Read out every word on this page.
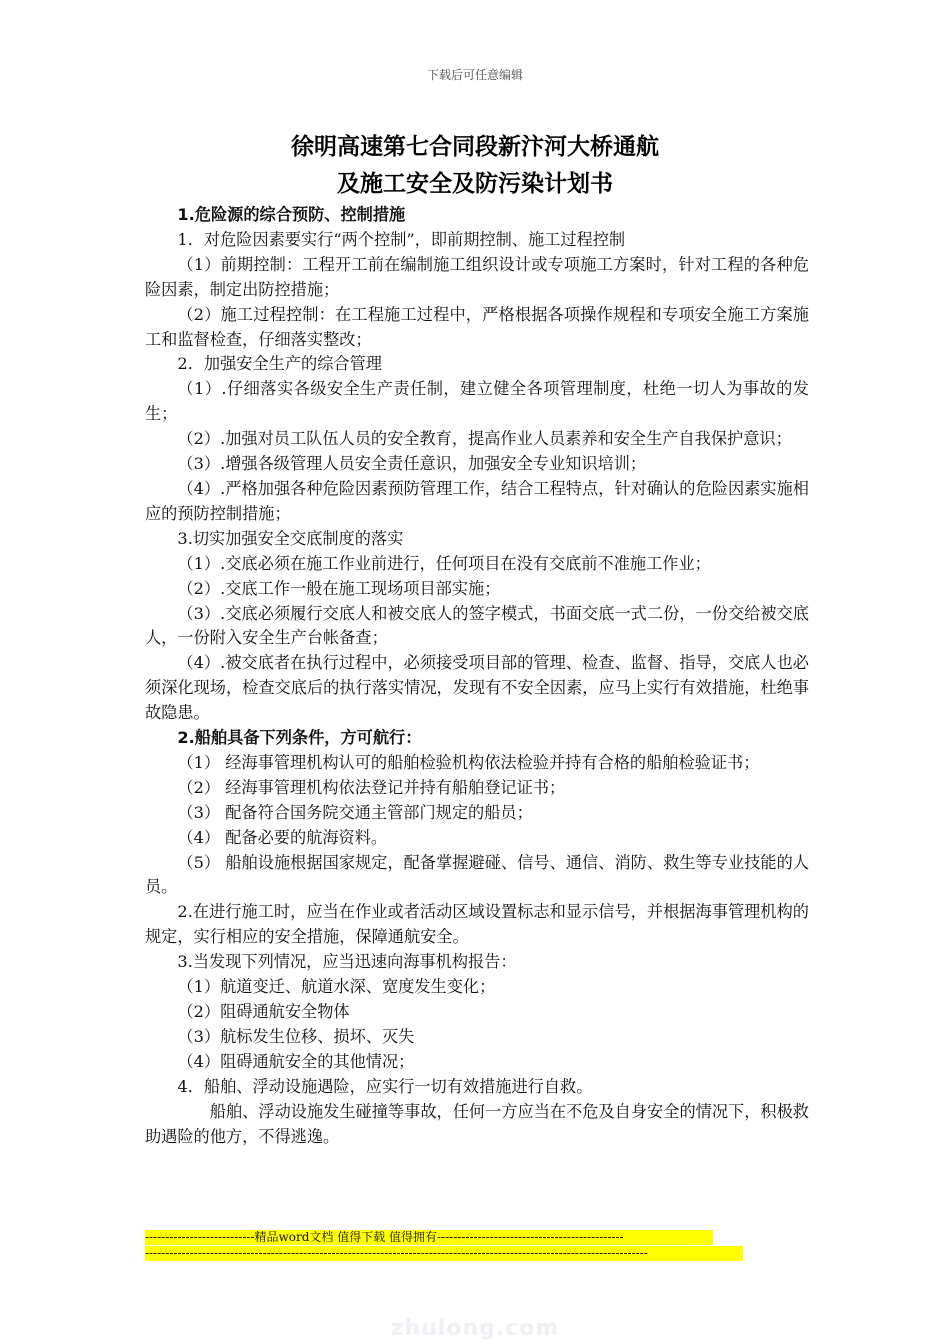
下载后可任意编辑
徐明高速第七合同段新汴河大桥通航
及施工安全及防污染计划书

1.危险源的综合预防、控制措施

1．对危险因素要实行“两个控制”，即前期控制、施工过程控制

（1）前期控制：工程开工前在编制施工组织设计或专项施工方案时，针对工程的各种危险因素，制定出防控措施；

（2）施工过程控制：在工程施工过程中，严格根据各项操作规程和专项安全施工方案施工和监督检查，仔细落实整改；

2．加强安全生产的综合管理

（1）.仔细落实各级安全生产责任制，建立健全各项管理制度，杜绝一切人为事故的发生；

（2）.加强对员工队伍人员的安全教育，提高作业人员素养和安全生产自我保护意识；

（3）.增强各级管理人员安全责任意识，加强安全专业知识培训；

（4）.严格加强各种危险因素预防管理工作，结合工程特点，针对确认的危险因素实施相应的预防控制措施；

3.切实加强安全交底制度的落实

（1）.交底必须在施工作业前进行，任何项目在没有交底前不准施工作业；

（2）.交底工作一般在施工现场项目部实施；

（3）.交底必须履行交底人和被交底人的签字模式，书面交底一式二份，一份交给被交底人，一份附入安全生产台帐备查；

（4）.被交底者在执行过程中，必须接受项目部的管理、检查、监督、指导，交底人也必须深化现场，检查交底后的执行落实情况，发现有不安全因素，应马上实行有效措施，杜绝事故隐患。

2.船舶具备下列条件，方可航行：

（1） 经海事管理机构认可的船舶检验机构依法检验并持有合格的船舶检验证书；

（2） 经海事管理机构依法登记并持有船舶登记证书；

（3） 配备符合国务院交通主管部门规定的船员；

（4） 配备必要的航海资料。

（5） 船舶设施根据国家规定，配备掌握避碰、信号、通信、消防、救生等专业技能的人员。

2.在进行施工时，应当在作业或者活动区域设置标志和显示信号，并根据海事管理机构的规定，实行相应的安全措施，保障通航安全。

3.当发现下列情况，应当迅速向海事机构报告：

（1）航道变迁、航道水深、宽度发生变化；

（2）阻碍通航安全物体

（3）航标发生位移、损坏、灭失

（4）阻碍通航安全的其他情况；

4．船舶、浮动设施遇险，应实行一切有效措施进行自救。

船舶、浮动设施发生碰撞等事故，任何一方应当在不危及自身安全的情况下，积极救助遇险的他方，不得逃逸。

---------------------------精品word文档 值得下载 值得拥有----------------------------------------------
----------------------------------------------------------------------------------------------------------------------------
zhulong.com
